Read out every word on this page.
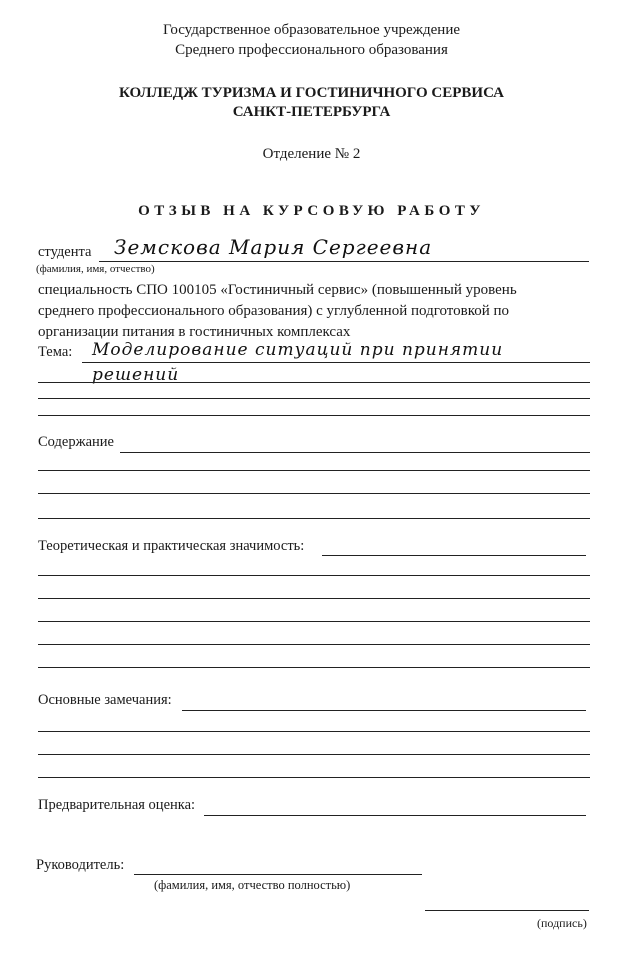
Государственное образовательное учреждение
Среднего профессионального образования
КОЛЛЕДЖ ТУРИЗМА И ГОСТИНИЧНОГО СЕРВИСА
САНКТ-ПЕТЕРБУРГА
Отделение № 2
ОТЗЫВ НА КУРСОВУЮ РАБОТУ
студента Земскова Мария Сергеевна
(фамилия, имя, отчество)
специальность СПО 100105 «Гостиничный сервис» (повышенный уровень
среднего профессионального образования) с углубленной подготовкой по
организации питания в гостиничных комплексах
Тема: Моделирование ситуаций при принятии
решений
Содержание
Теоретическая и практическая значимость:
Основные замечания:
Предварительная оценка:
Руководитель:
(фамилия, имя, отчество полностью)
(подпись)
